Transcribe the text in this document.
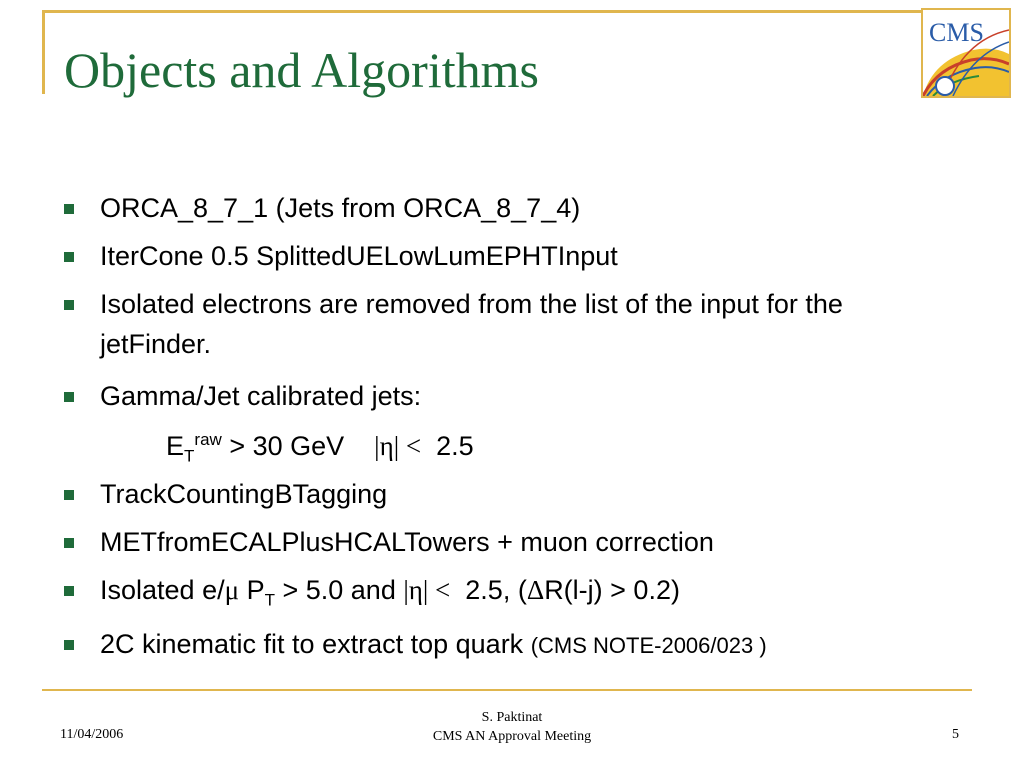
Objects and Algorithms
CMS
ORCA_8_7_1 (Jets from ORCA_8_7_4)
IterCone 0.5 SplittedUELowLumEPHTInput
Isolated electrons are removed from the list of the input for the jetFinder.
Gamma/Jet calibrated jets:
TrackCountingBTagging
METfromECALPlusHCALTowers + muon correction
Isolated e/μ $P_T > 5.0$ and |η| < 2.5, (ΔR(l-j) > 0.2)
2C kinematic fit to extract top quark (CMS NOTE-2006/023 )
$E_T^{raw} > 30$ GeV |η| < 2.5
11/04/2006
S. Paktinat
CMS AN Approval Meeting	5
